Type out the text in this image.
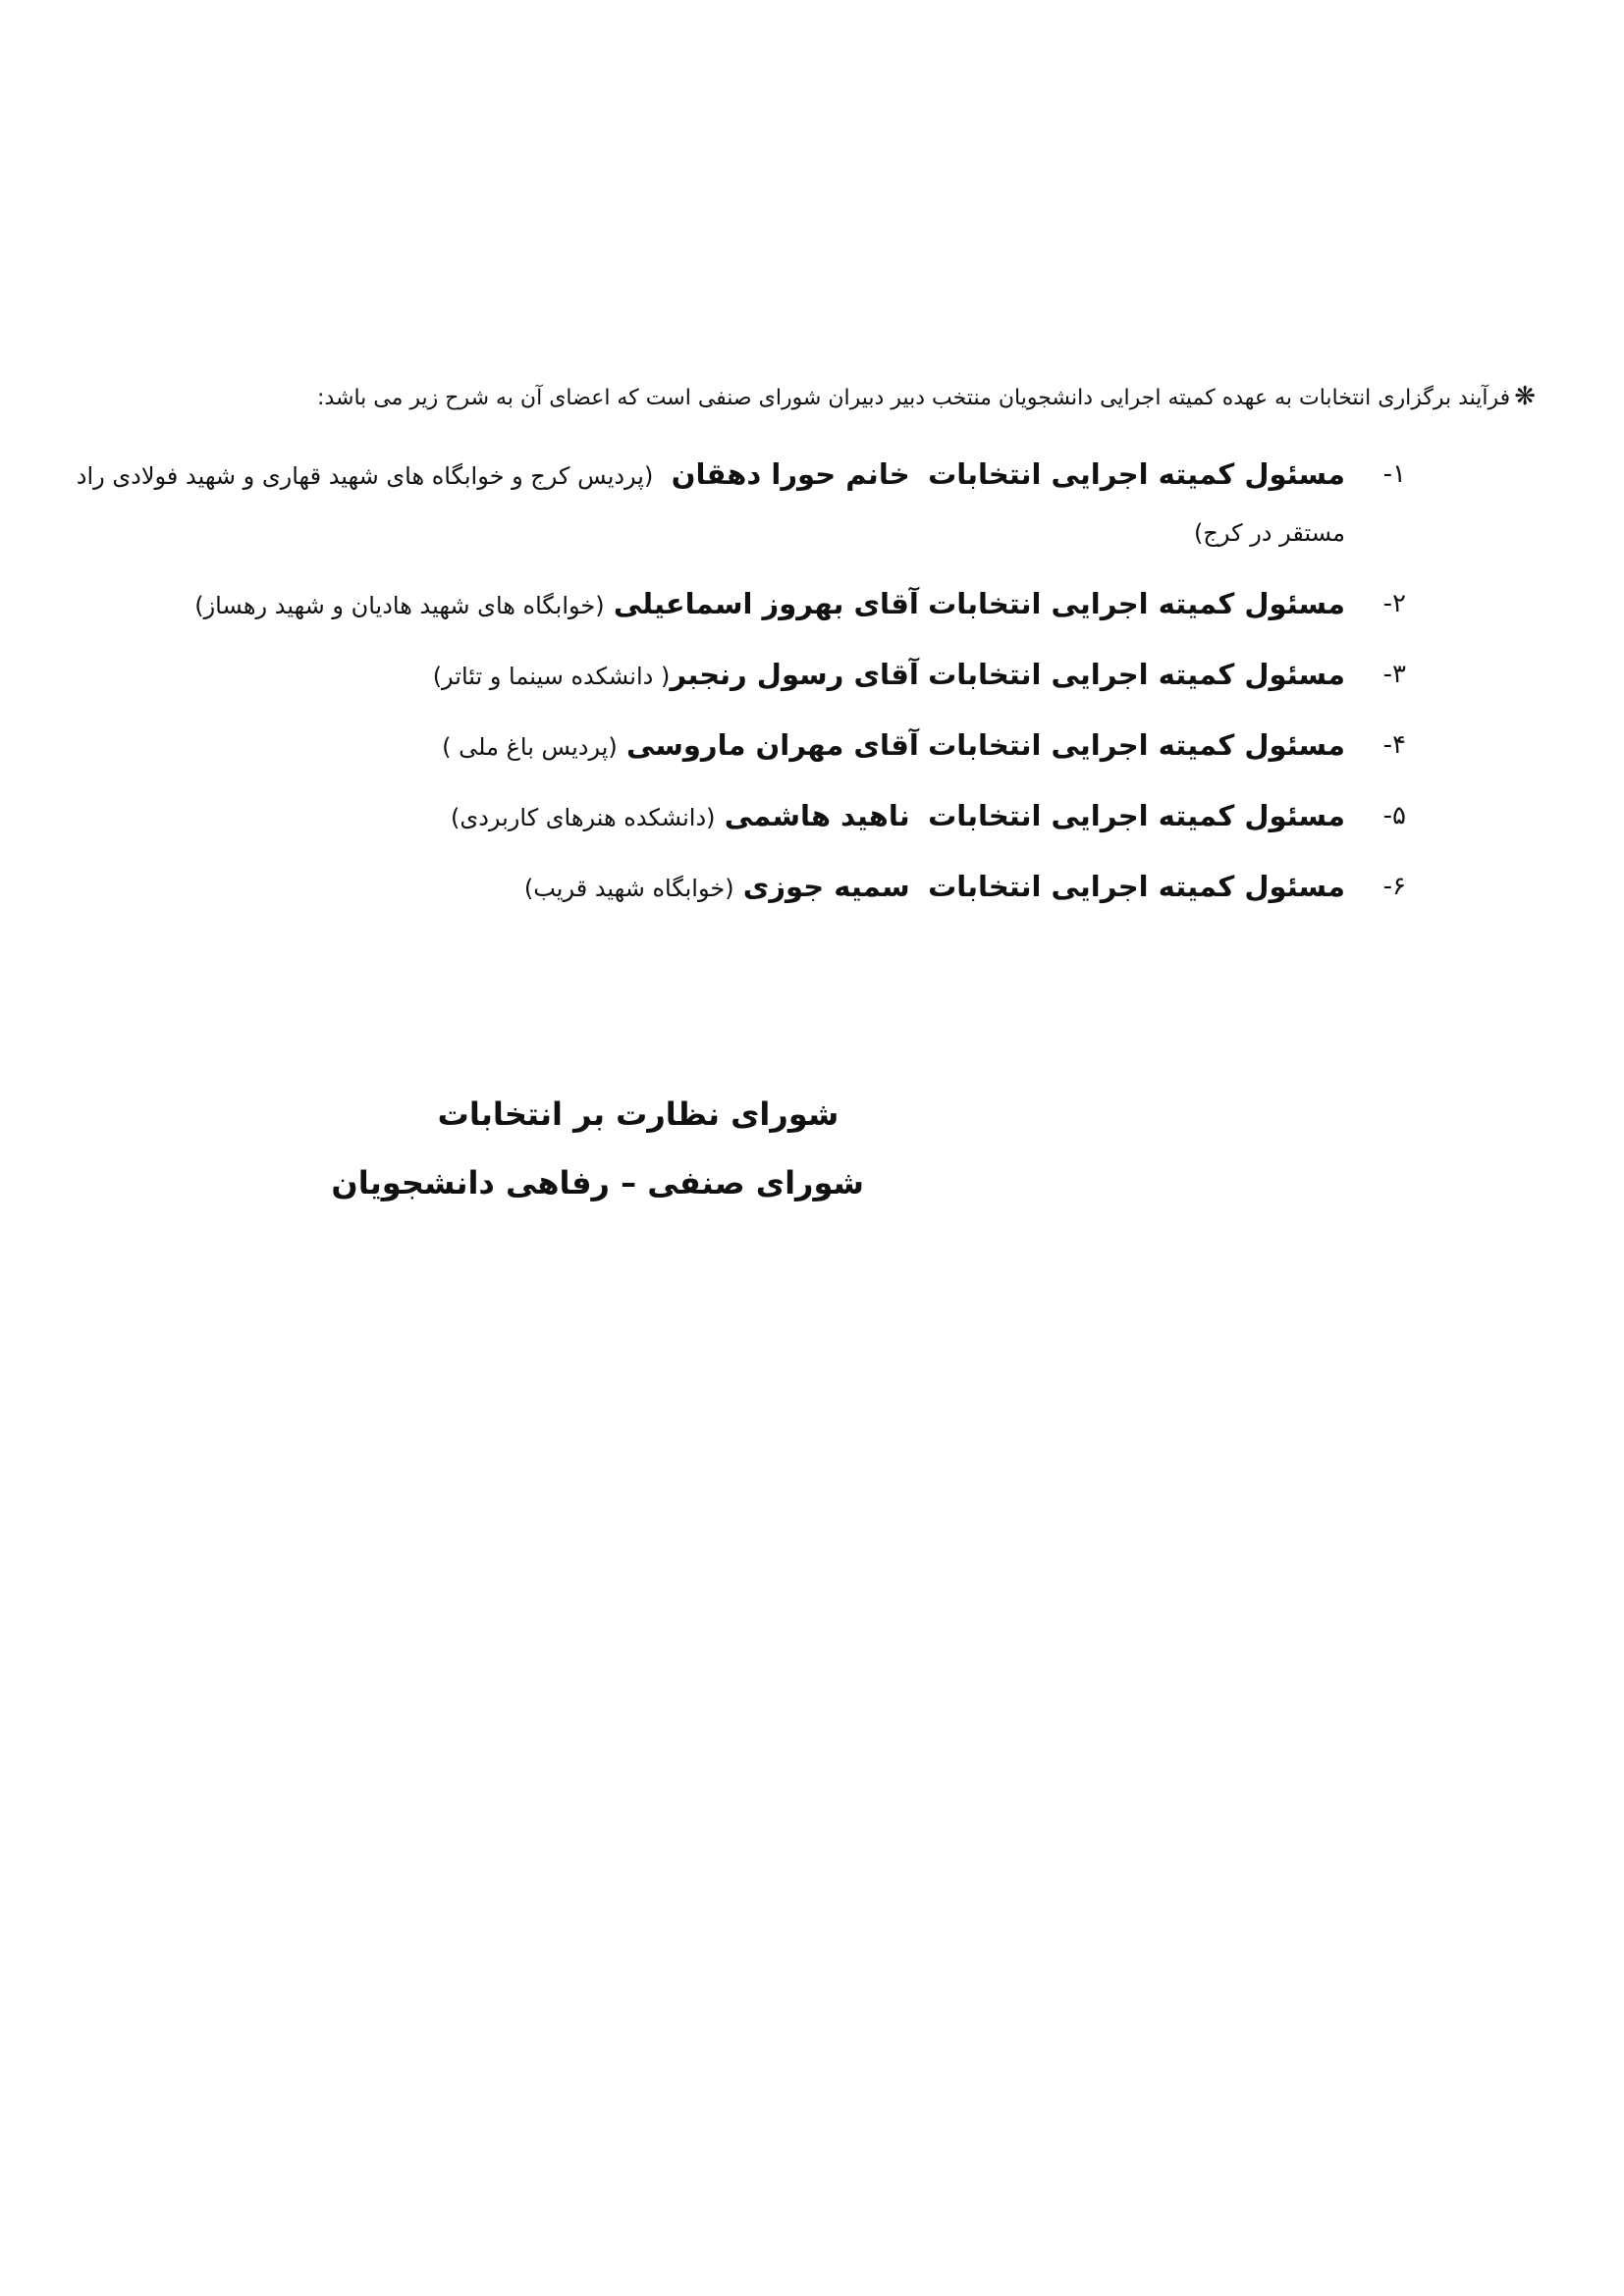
❋فرآیند برگزاری انتخابات به عهده کمیته اجرایی دانشجویان منتخب دبیر دبیران شورای صنفی است که اعضای آن به شرح زیر می باشد:
۱-
مسئول کمیته اجرایی انتخابات  خانم حورا دهقان  (پردیس کرج و خوابگاه های شهید قهاری و شهید فولادی راد مستقر در کرج)
۲-
مسئول کمیته اجرایی انتخابات آقای بهروز اسماعیلی (خوابگاه های شهید هادیان و شهید رهساز)
۳-
مسئول کمیته اجرایی انتخابات آقای رسول رنجبر( دانشکده سینما و تئاتر)
۴-
مسئول کمیته اجرایی انتخابات آقای مهران ماروسی (پردیس باغ ملی )
۵-
مسئول کمیته اجرایی انتخابات  ناهید هاشمی (دانشکده هنرهای کاربردی)
۶-
مسئول کمیته اجرایی انتخابات  سمیه جوزی (خوابگاه شهید قریب)
شورای نظارت بر انتخابات
شورای صنفی – رفاهی دانشجویان
